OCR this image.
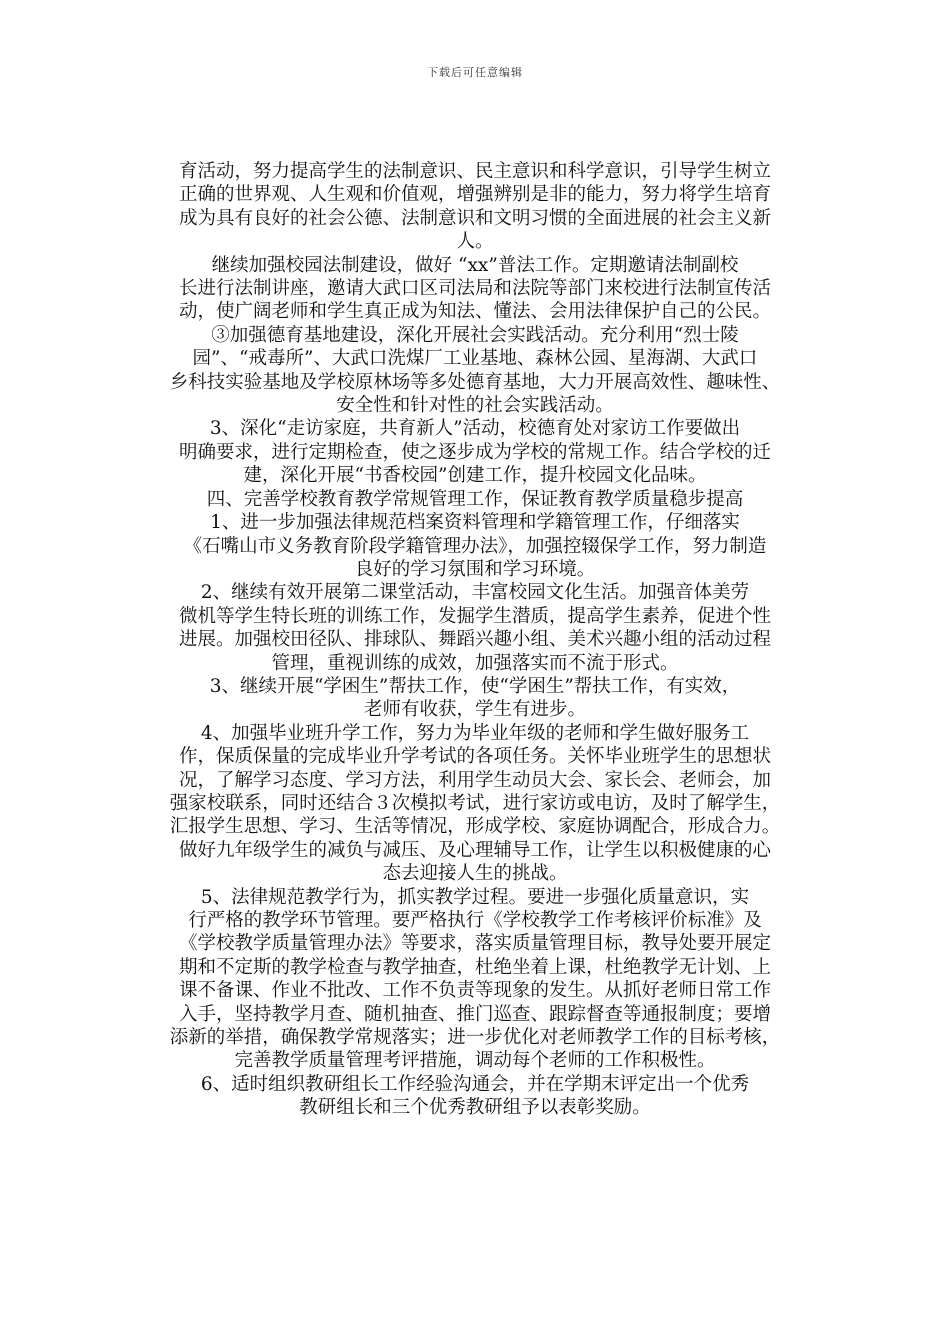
下载后可任意编辑
育活动，努力提高学生的法制意识、民主意识和科学意识，引导学生树立
正确的世界观、人生观和价值观，增强辨别是非的能力，努力将学生培育
成为具有良好的社会公德、法制意识和文明习惯的全面进展的社会主义新
人。
继续加强校园法制建设，做好 “xx”普法工作。定期邀请法制副校
长进行法制讲座，邀请大武口区司法局和法院等部门来校进行法制宣传活
动，使广阔老师和学生真正成为知法、懂法、会用法律保护自己的公民。
③加强德育基地建设，深化开展社会实践活动。充分利用“烈士陵
园”、“戒毒所”、大武口洗煤厂工业基地、森林公园、星海湖、大武口
乡科技实验基地及学校原林场等多处德育基地，大力开展高效性、趣味性、
安全性和针对性的社会实践活动。
3、深化“走访家庭，共育新人”活动，校德育处对家访工作要做出
明确要求，进行定期检查，使之逐步成为学校的常规工作。结合学校的迁
建，深化开展“书香校园”创建工作，提升校园文化品味。
四、完善学校教育教学常规管理工作，保证教育教学质量稳步提高
1、进一步加强法律规范档案资料管理和学籍管理工作，仔细落实
《石嘴山市义务教育阶段学籍管理办法》，加强控辍保学工作，努力制造
良好的学习氛围和学习环境。
2、继续有效开展第二课堂活动，丰富校园文化生活。加强音体美劳
微机等学生特长班的训练工作，发掘学生潜质，提高学生素养，促进个性
进展。加强校田径队、排球队、舞蹈兴趣小组、美术兴趣小组的活动过程
管理，重视训练的成效，加强落实而不流于形式。
3、继续开展“学困生”帮扶工作，使“学困生”帮扶工作，有实效，
老师有收获，学生有进步。
4、加强毕业班升学工作，努力为毕业年级的老师和学生做好服务工
作，保质保量的完成毕业升学考试的各项任务。关怀毕业班学生的思想状
况，了解学习态度、学习方法，利用学生动员大会、家长会、老师会，加
强家校联系，同时还结合３次模拟考试，进行家访或电访，及时了解学生，
汇报学生思想、学习、生活等情况，形成学校、家庭协调配合，形成合力。
做好九年级学生的减负与减压、及心理辅导工作，让学生以积极健康的心
态去迎接人生的挑战。
5、法律规范教学行为，抓实教学过程。要进一步强化质量意识，实
行严格的教学环节管理。要严格执行《学校教学工作考核评价标准》及
《学校教学质量管理办法》等要求，落实质量管理目标，教导处要开展定
期和不定斯的教学检查与教学抽查，杜绝坐着上课，杜绝教学无计划、上
课不备课、作业不批改、工作不负责等现象的发生。从抓好老师日常工作
入手，坚持教学月查、随机抽查、推门巡查、跟踪督查等通报制度；要增
添新的举措，确保教学常规落实；进一步优化对老师教学工作的目标考核，
完善教学质量管理考评措施，调动每个老师的工作积极性。
6、适时组织教研组长工作经验沟通会，并在学期末评定出一个优秀
教研组长和三个优秀教研组予以表彰奖励。
